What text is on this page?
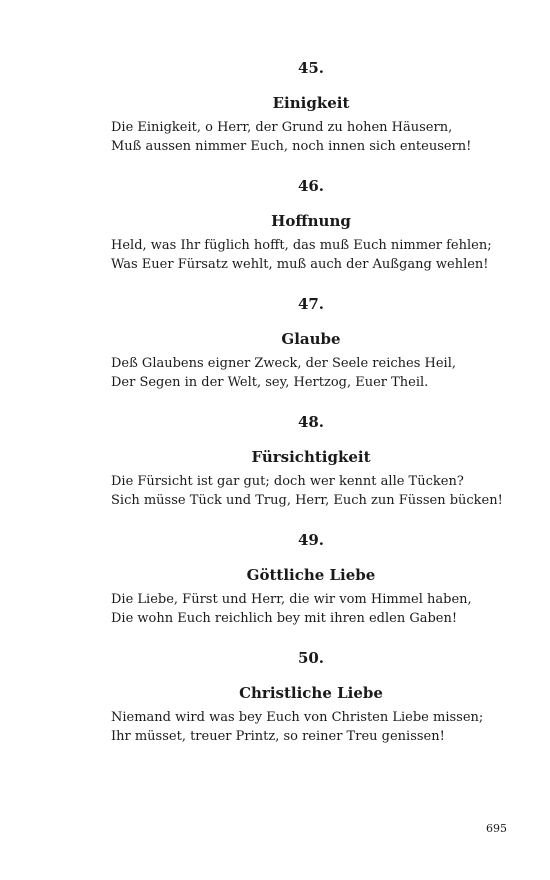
45.

Einigkeit

Die Einigkeit, o Herr, der Grund zu hohen Häusern,
Muß aussen nimmer Euch, noch innen sich enteusern!

46.

Hoffnung

Held, was Ihr füglich hofft, das muß Euch nimmer fehlen;
Was Euer Fürsatz wehlt, muß auch der Außgang wehlen!

47.

Glaube

Deß Glaubens eigner Zweck, der Seele reiches Heil,
Der Segen in der Welt, sey, Hertzog, Euer Theil.

48.

Fürsichtigkeit

Die Fürsicht ist gar gut; doch wer kennt alle Tücken?
Sich müsse Tück und Trug, Herr, Euch zun Füssen bücken!

49.

Göttliche Liebe

Die Liebe, Fürst und Herr, die wir vom Himmel haben,
Die wohn Euch reichlich bey mit ihren edlen Gaben!

50.

Christliche Liebe

Niemand wird was bey Euch von Christen Liebe missen;
Ihr müsset, treuer Printz, so reiner Treu genissen!

695
